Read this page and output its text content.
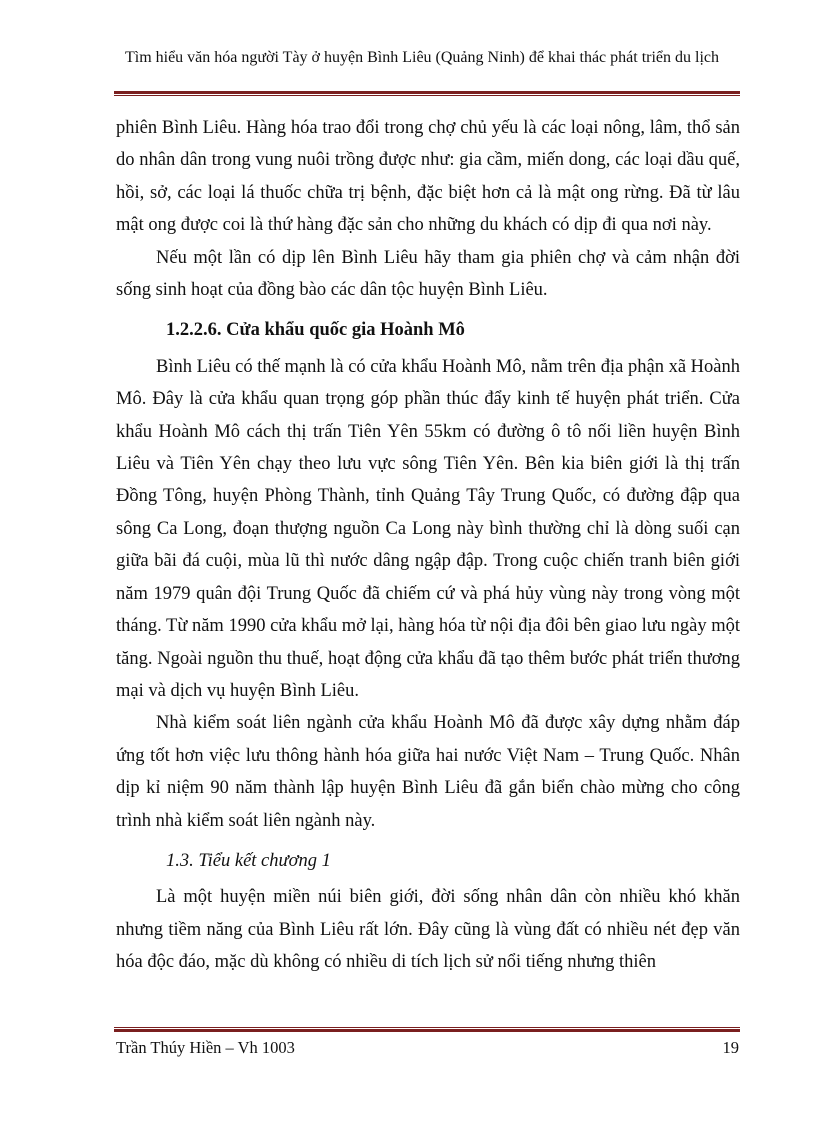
Tìm hiểu văn hóa người Tày ở huyện Bình Liêu (Quảng Ninh) để khai thác phát triển du lịch

phiên Bình Liêu. Hàng hóa trao đổi trong chợ chủ yếu là các loại nông, lâm, thổ sản do nhân dân trong vung nuôi trồng được như: gia cầm, miến dong, các loại dầu quế, hồi, sở, các loại lá thuốc chữa trị bệnh, đặc biệt hơn cả là mật ong rừng. Đã từ lâu mật ong được coi là thứ hàng đặc sản cho những du khách có dịp đi qua nơi này.

Nếu một lần có dịp lên Bình Liêu hãy tham gia phiên chợ và cảm nhận đời sống sinh hoạt của đồng bào các dân tộc huyện Bình Liêu.

1.2.2.6. Cửa khẩu quốc gia Hoành Mô

Bình Liêu có thế mạnh là có cửa khẩu Hoành Mô, nằm trên địa phận xã Hoành Mô. Đây là cửa khẩu quan trọng góp phần thúc đẩy kinh tế huyện phát triển. Cửa khẩu Hoành Mô cách thị trấn Tiên Yên 55km có đường ô tô nối liền huyện Bình Liêu và Tiên Yên chạy theo lưu vực sông Tiên Yên. Bên kia biên giới là thị trấn Đồng Tông, huyện Phòng Thành, tỉnh Quảng Tây Trung Quốc, có đường đập qua sông Ca Long, đoạn thượng nguồn Ca Long này bình thường chỉ là dòng suối cạn giữa bãi đá cuội, mùa lũ thì nước dâng ngập đập. Trong cuộc chiến tranh biên giới năm 1979 quân đội Trung Quốc đã chiếm cứ và phá hủy vùng này trong vòng một tháng. Từ năm 1990 cửa khẩu mở lại, hàng hóa từ nội địa đôi bên giao lưu ngày một tăng. Ngoài nguồn thu thuế, hoạt động cửa khẩu đã tạo thêm bước phát triển thương mại và dịch vụ huyện Bình Liêu.

Nhà kiểm soát liên ngành cửa khẩu Hoành Mô đã được xây dựng nhằm đáp ứng tốt hơn việc lưu thông hành hóa giữa hai nước Việt Nam – Trung Quốc. Nhân dịp kỉ niệm 90 năm thành lập huyện Bình Liêu đã gắn biển chào mừng cho công trình nhà kiểm soát liên ngành này.

1.3. Tiểu kết chương 1

Là một huyện miền núi biên giới, đời sống nhân dân còn nhiều khó khăn nhưng tiềm năng của Bình Liêu rất lớn. Đây cũng là vùng đất có nhiều nét đẹp văn hóa độc đáo, mặc dù không có nhiều di tích lịch sử nổi tiếng nhưng thiên

Trần Thúy Hiền – Vh 1003	19
